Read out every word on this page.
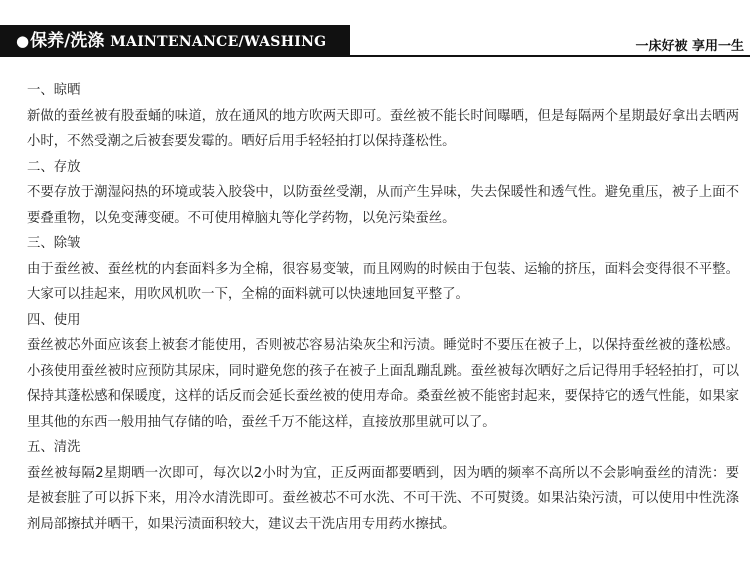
●保养/洗涤 MAINTENANCE/WASHING	一床好被 享用一生

一、晾晒

新做的蚕丝被有股蚕蛹的味道，放在通风的地方吹两天即可。蚕丝被不能长时间曝晒，但是每隔两个星期最好拿出去晒两小时，不然受潮之后被套要发霉的。晒好后用手轻轻拍打以保持蓬松性。

二、存放

不要存放于潮湿闷热的环境或装入胶袋中，以防蚕丝受潮，从而产生异味，失去保暖性和透气性。避免重压，被子上面不要叠重物，以免变薄变硬。不可使用樟脑丸等化学药物，以免污染蚕丝。

三、除皱

由于蚕丝被、蚕丝枕的内套面料多为全棉，很容易变皱，而且网购的时候由于包装、运输的挤压，面料会变得很不平整。大家可以挂起来，用吹风机吹一下，全棉的面料就可以快速地回复平整了。

四、使用

蚕丝被芯外面应该套上被套才能使用，否则被芯容易沾染灰尘和污渍。睡觉时不要压在被子上，以保持蚕丝被的蓬松感。小孩使用蚕丝被时应预防其尿床，同时避免您的孩子在被子上面乱蹦乱跳。蚕丝被每次晒好之后记得用手轻轻拍打，可以保持其蓬松感和保暖度，这样的话反而会延长蚕丝被的使用寿命。桑蚕丝被不能密封起来，要保持它的透气性能，如果家里其他的东西一般用抽气存储的哈，蚕丝千万不能这样，直接放那里就可以了。

五、清洗

蚕丝被每隔2星期晒一次即可，每次以2小时为宜，正反两面都要晒到，因为晒的频率不高所以不会影响蚕丝的清洗：要是被套脏了可以拆下来，用冷水清洗即可。蚕丝被芯不可水洗、不可干洗、不可熨烫。如果沾染污渍，可以使用中性洗涤剂局部擦拭并晒干，如果污渍面积较大，建议去干洗店用专用药水擦拭。
